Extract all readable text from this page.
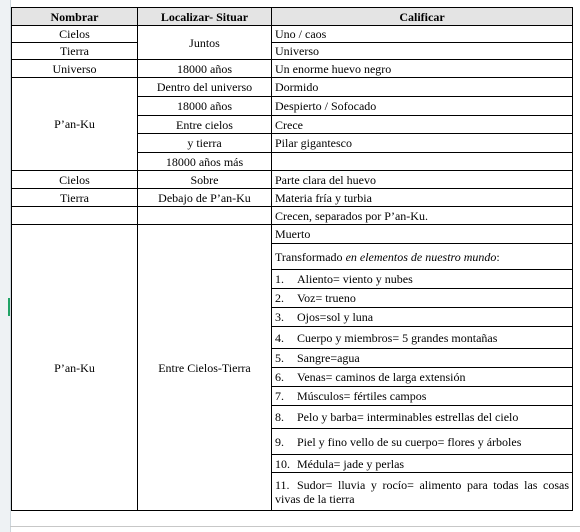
Nombrar	Localizar- Situar	Calificar
Cielos	Juntos	Uno / caos
Tierra		Universo
Universo	18000 años	Un enorme huevo negro
P’an-Ku	Dentro del universo	Dormido
	18000 años	Despierto / Sofocado
	Entre cielos	Crece
	y tierra	Pilar gigantesco
	18000 años más	
Cielos	Sobre	Parte clara del huevo
Tierra	Debajo de P’an-Ku	Materia fría y turbia
		Crecen, separados por P’an-Ku.
P’an-Ku	Entre Cielos-Tierra	Muerto
		Transformado en elementos de nuestro mundo:
		1. Aliento= viento y nubes
		2. Voz= trueno
		3. Ojos=sol y luna
		4. Cuerpo y miembros= 5 grandes montañas
		5. Sangre=agua
		6. Venas= caminos de larga extensión
		7. Músculos= fértiles campos
		8. Pelo y barba= interminables estrellas del cielo
		9. Piel y fino vello de su cuerpo= flores y árboles
		10. Médula= jade y perlas
		11. Sudor= lluvia y rocío= alimento para todas las cosas vivas de la tierra
